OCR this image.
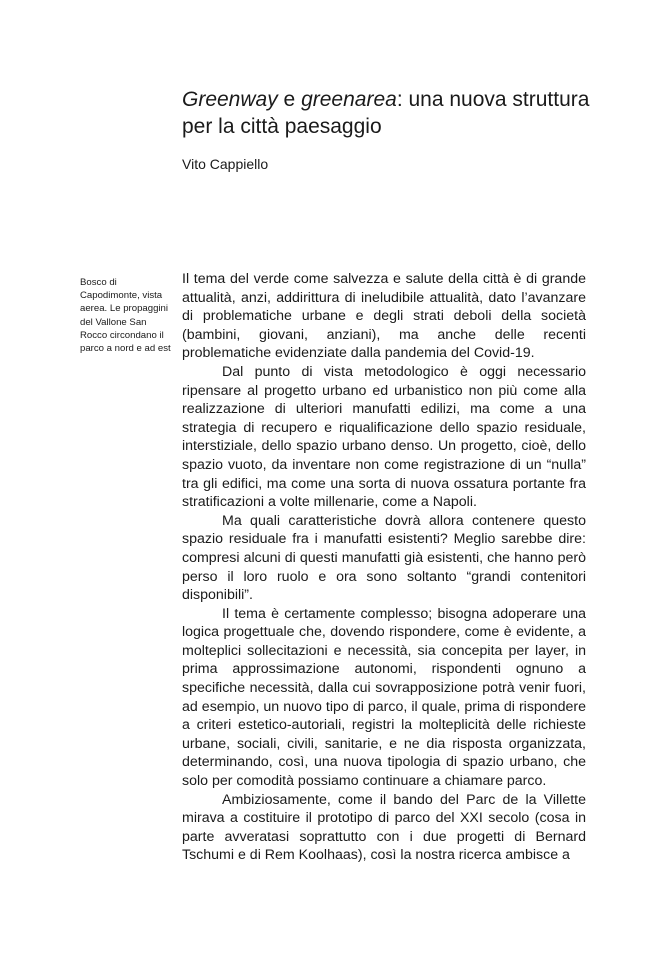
Greenway e greenarea: una nuova struttura per la città paesaggio

Vito Cappiello

Bosco di Capodimonte, vista aerea. Le propaggini del Vallone San Rocco circondano il parco a nord e ad est

Il tema del verde come salvezza e salute della città è di grande attualità, anzi, addirittura di ineludibile attualità, dato l’avanzare di problematiche urbane e degli strati deboli della società (bambini, giovani, anziani), ma anche delle recenti problematiche evidenziate dalla pandemia del Covid-19.

Dal punto di vista metodologico è oggi necessario ripensare al progetto urbano ed urbanistico non più come alla realizzazione di ulteriori manufatti edilizi, ma come a una strategia di recupero e riqualificazione dello spazio residuale, interstiziale, dello spazio urbano denso. Un progetto, cioè, dello spazio vuoto, da inventare non come registrazione di un “nulla” tra gli edifici, ma come una sorta di nuova ossatura portante fra stratificazioni a volte millenarie, come a Napoli.

Ma quali caratteristiche dovrà allora contenere questo spazio residuale fra i manufatti esistenti? Meglio sarebbe dire: compresi alcuni di questi manufatti già esistenti, che hanno però perso il loro ruolo e ora sono soltanto “grandi contenitori disponibili”.

Il tema è certamente complesso; bisogna adoperare una logica progettuale che, dovendo rispondere, come è evidente, a molteplici sollecitazioni e necessità, sia concepita per layer, in prima approssimazione autonomi, rispondenti ognuno a specifiche necessità, dalla cui sovrapposizione potrà venir fuori, ad esempio, un nuovo tipo di parco, il quale, prima di rispondere a criteri estetico-autoriali, registri la molteplicità delle richieste urbane, sociali, civili, sanitarie, e ne dia risposta organizzata, determinando, così, una nuova tipologia di spazio urbano, che solo per comodità possiamo continuare a chiamare parco.

Ambiziosamente, come il bando del Parc de la Villette mirava a costituire il prototipo di parco del XXI secolo (cosa in parte avveratasi soprattutto con i due progetti di Bernard Tschumi e di Rem Koolhaas), così la nostra ricerca ambisce a
